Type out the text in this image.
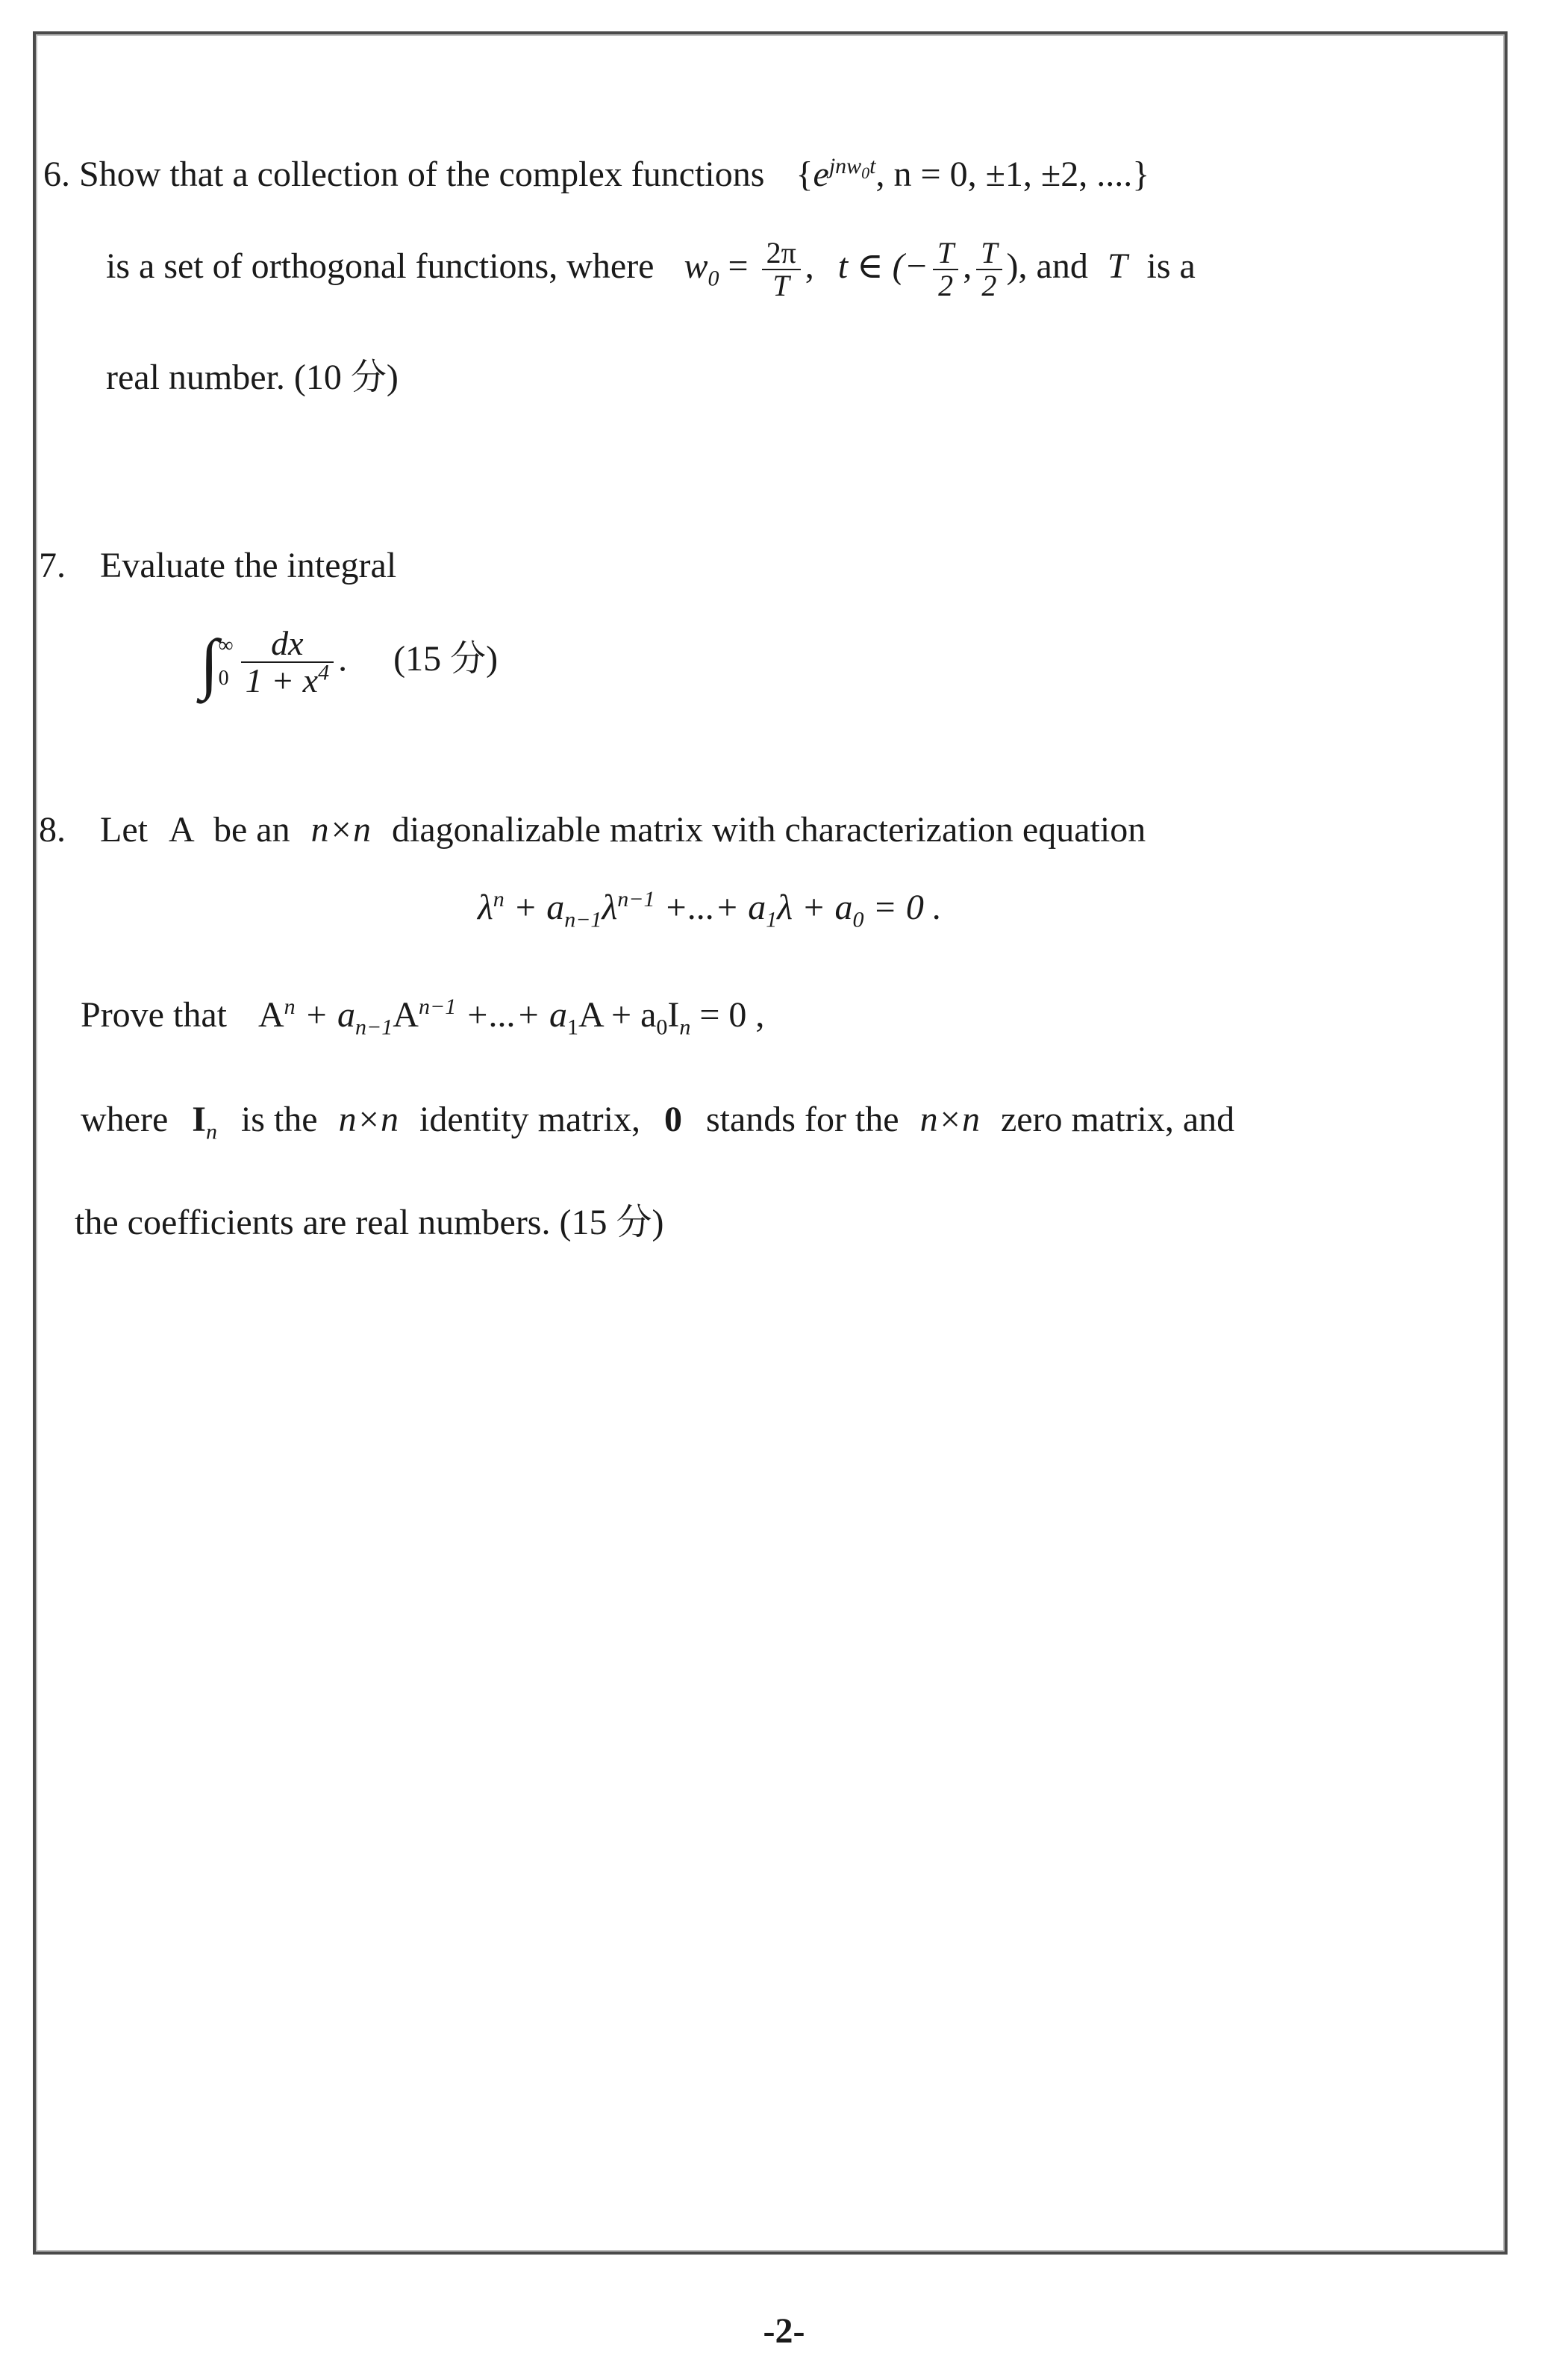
6. Show that a collection of the complex functions {$e^{jnw_0t}$, n = 0, ±1, ±2, ....}
is a set of orthogonal functions, where $w_0 = \frac{2\pi}{T}$ , t ∈ (− $\frac{T}{2}$ , $\frac{T}{2}$ ), and T is a
real number. (10 分)
7. Evaluate the integral
∫ ∞
$0 \frac{dx}{1 + x^4}$ . (15 分)
8. Let A be an n×n diagonalizable matrix with characterization equation
$\lambda^n + a_{n-1}\lambda^{n-1}$ +...+ $a_1\lambda + a_0 = 0$ .
Prove that $A^n + a_{n-1}A^{n-1}$ +...+ $a_1A + a_0I_n = 0$ ,
where $I_n$ is the n×n identity matrix, 0 stands for the n×n zero matrix, and
the coefficients are real numbers. (15 分)
-2-
